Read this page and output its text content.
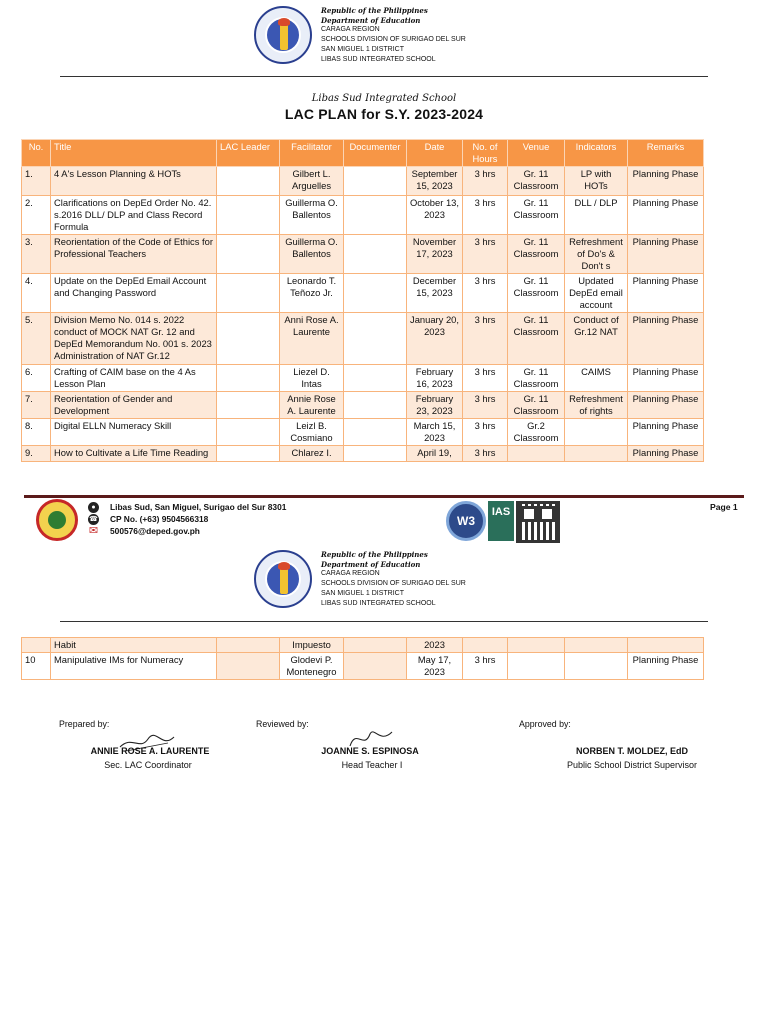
Republic of the Philippines
Department of Education
CARAGA REGION
SCHOOLS DIVISION OF SURIGAO DEL SUR
SAN MIGUEL 1 DISTRICT
LIBAS SUD INTEGRATED SCHOOL
Libas Sud Integrated School
LAC PLAN for S.Y. 2023-2024
No.	Title	LAC Leader	Facilitator	Documenter	Date	No. of Hours	Venue	Indicators	Remarks
1.	4 A's Lesson Planning & HOTs		Gilbert L. Arguelles		September 15, 2023	3 hrs	Gr. 11 Classroom	LP with HOTs	Planning Phase
2.	Clarifications on DepEd Order No. 42. s.2016 DLL/ DLP and Class Record Formula		Guillerma O. Ballentos		October 13, 2023	3 hrs	Gr. 11 Classroom	DLL / DLP	Planning Phase
3.	Reorientation of the Code of Ethics for Professional Teachers		Guillerma O. Ballentos		November 17, 2023	3 hrs	Gr. 11 Classroom	Refreshment of Do's & Don't s	Planning Phase
4.	Update on the DepEd Email Account and Changing Password		Leonardo T. Teñozo Jr.		December 15, 2023	3 hrs	Gr. 11 Classroom	Updated DepEd email account	Planning Phase
5.	Division Memo No. 014 s. 2022 conduct of MOCK NAT Gr. 12 and DepEd Memorandum No. 001 s. 2023 Administration of NAT Gr.12		Anni Rose A. Laurente		January 20, 2023	3 hrs	Gr. 11 Classroom	Conduct of Gr.12 NAT	Planning Phase
6.	Crafting of CAIM base on the 4 As Lesson Plan		Liezel D. Intas		February 16, 2023	3 hrs	Gr. 11 Classroom	CAIMS	Planning Phase
7.	Reorientation of Gender and Development		Annie Rose A. Laurente		February 23, 2023	3 hrs	Gr. 11 Classroom	Refreshment of rights	Planning Phase
8.	Digital ELLN Numeracy Skill		Leizl B. Cosmiano		March 15, 2023	3 hrs	Gr.2 Classroom		Planning Phase
9.	How to Cultivate a Life Time Reading		Chlarez I.		April 19,	3 hrs			Planning Phase
●	Libas Sud, San Miguel, Surigao del Sur 8301
☎ CP No. (+63) 9504566318
✉ 500576@deped.gov.ph
W3
IAS	Page 1
Republic of the Philippines
Department of Education
CARAGA REGION
SCHOOLS DIVISION OF SURIGAO DEL SUR
SAN MIGUEL 1 DISTRICT
LIBAS SUD INTEGRATED SCHOOL
	Habit		Impuesto		2023				
10	Manipulative IMs for Numeracy		Glodevi P. Montenegro		May 17, 2023	3 hrs			Planning Phase
Prepared by:
ANNIE ROSE A. LAURENTE
Sec. LAC Coordinator
Reviewed by:
JOANNE S. ESPINOSA
Head Teacher I
Approved by:
NORBEN T. MOLDEZ, EdD
Public School District Supervisor
